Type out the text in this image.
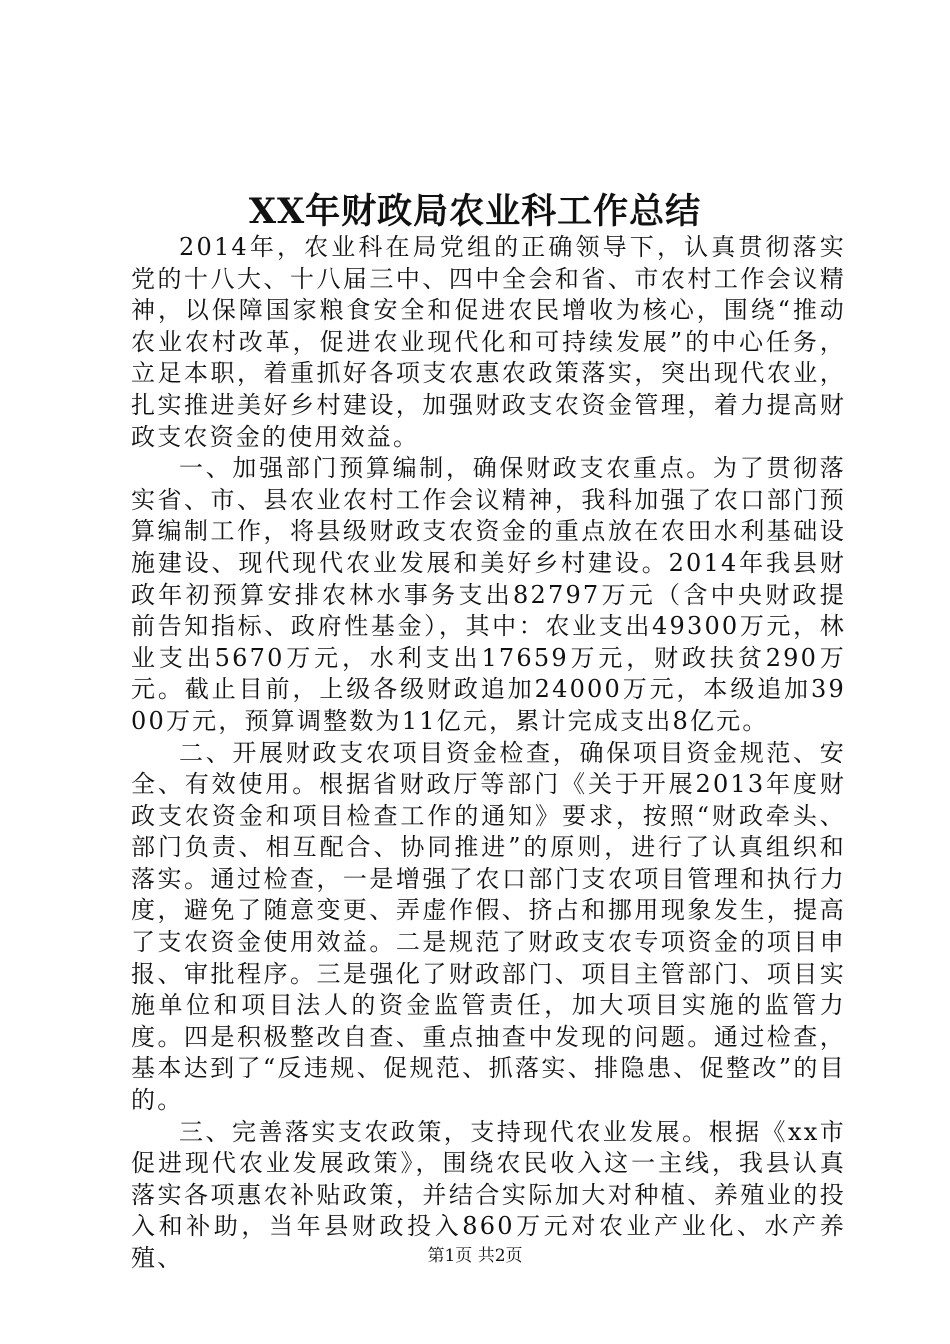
XX年财政局农业科工作总结

2014年，农业科在局党组的正确领导下，认真贯彻落实党的十八大、十八届三中、四中全会和省、市农村工作会议精神，以保障国家粮食安全和促进农民增收为核心，围绕“推动农业农村改革，促进农业现代化和可持续发展”的中心任务，立足本职，着重抓好各项支农惠农政策落实，突出现代农业，扎实推进美好乡村建设，加强财政支农资金管理，着力提高财政支农资金的使用效益。

一、加强部门预算编制，确保财政支农重点。为了贯彻落实省、市、县农业农村工作会议精神，我科加强了农口部门预算编制工作，将县级财政支农资金的重点放在农田水利基础设施建设、现代现代农业发展和美好乡村建设。2014年我县财政年初预算安排农林水事务支出82797万元（含中央财政提前告知指标、政府性基金），其中：农业支出49300万元，林业支出5670万元，水利支出17659万元，财政扶贫290万元。截止目前，上级各级财政追加24000万元，本级追加3900万元，预算调整数为11亿元，累计完成支出8亿元。

二、开展财政支农项目资金检查，确保项目资金规范、安全、有效使用。根据省财政厅等部门《关于开展2013年度财政支农资金和项目检查工作的通知》要求，按照“财政牵头、部门负责、相互配合、协同推进”的原则，进行了认真组织和落实。通过检查，一是增强了农口部门支农项目管理和执行力度，避免了随意变更、弄虚作假、挤占和挪用现象发生，提高了支农资金使用效益。二是规范了财政支农专项资金的项目申报、审批程序。三是强化了财政部门、项目主管部门、项目实施单位和项目法人的资金监管责任，加大项目实施的监管力度。四是积极整改自查、重点抽查中发现的问题。通过检查，基本达到了“反违规、促规范、抓落实、排隐患、促整改”的目的。

三、完善落实支农政策，支持现代农业发展。根据《xx市促进现代农业发展政策》，围绕农民收入这一主线，我县认真落实各项惠农补贴政策，并结合实际加大对种植、养殖业的投入和补助，当年县财政投入860万元对农业产业化、水产养殖、	第1页 共2页
